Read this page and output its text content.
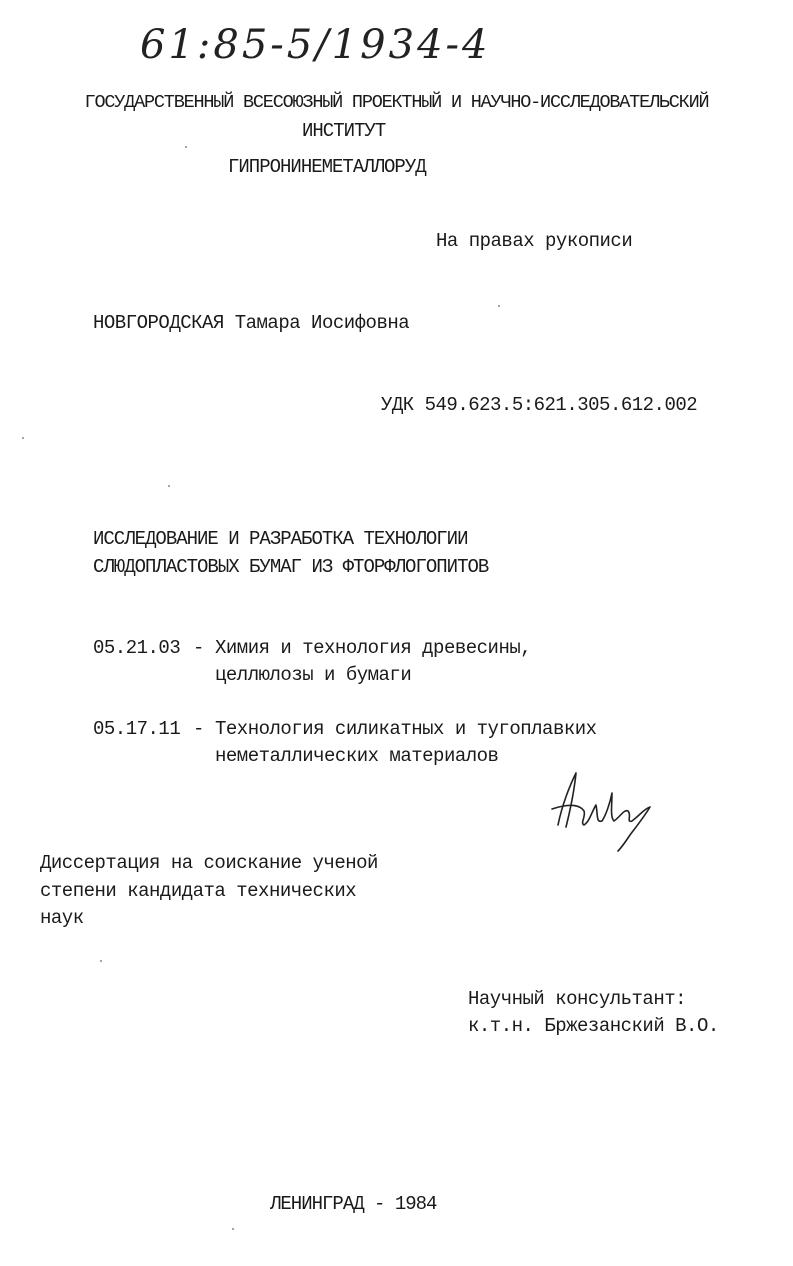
61:85-5/1934-4
ГОСУДАРСТВЕННЫЙ ВСЕСОЮЗНЫЙ ПРОЕКТНЫЙ И НАУЧНО-ИССЛЕДОВАТЕЛЬСКИЙ
ИНСТИТУТ
ГИПРОНИНЕМЕТАЛЛОРУД
На правах рукописи
НОВГОРОДСКАЯ Тамара Иосифовна
УДК 549.623.5:621.305.612.002
ИССЛЕДОВАНИЕ И РАЗРАБОТКА ТЕХНОЛОГИИ
СЛЮДОПЛАСТОВЫХ БУМАГ ИЗ ФТОРФЛОГОПИТОВ
05.21.03 - Химия и технология древесины,
целлюлозы и бумаги
05.17.11 - Технология силикатных и тугоплавких
неметаллических материалов
Диссертация на соискание ученой
степени кандидата технических
наук
Научный консультант:
к.т.н. Бржезанский В.О.
ЛЕНИНГРАД - 1984
